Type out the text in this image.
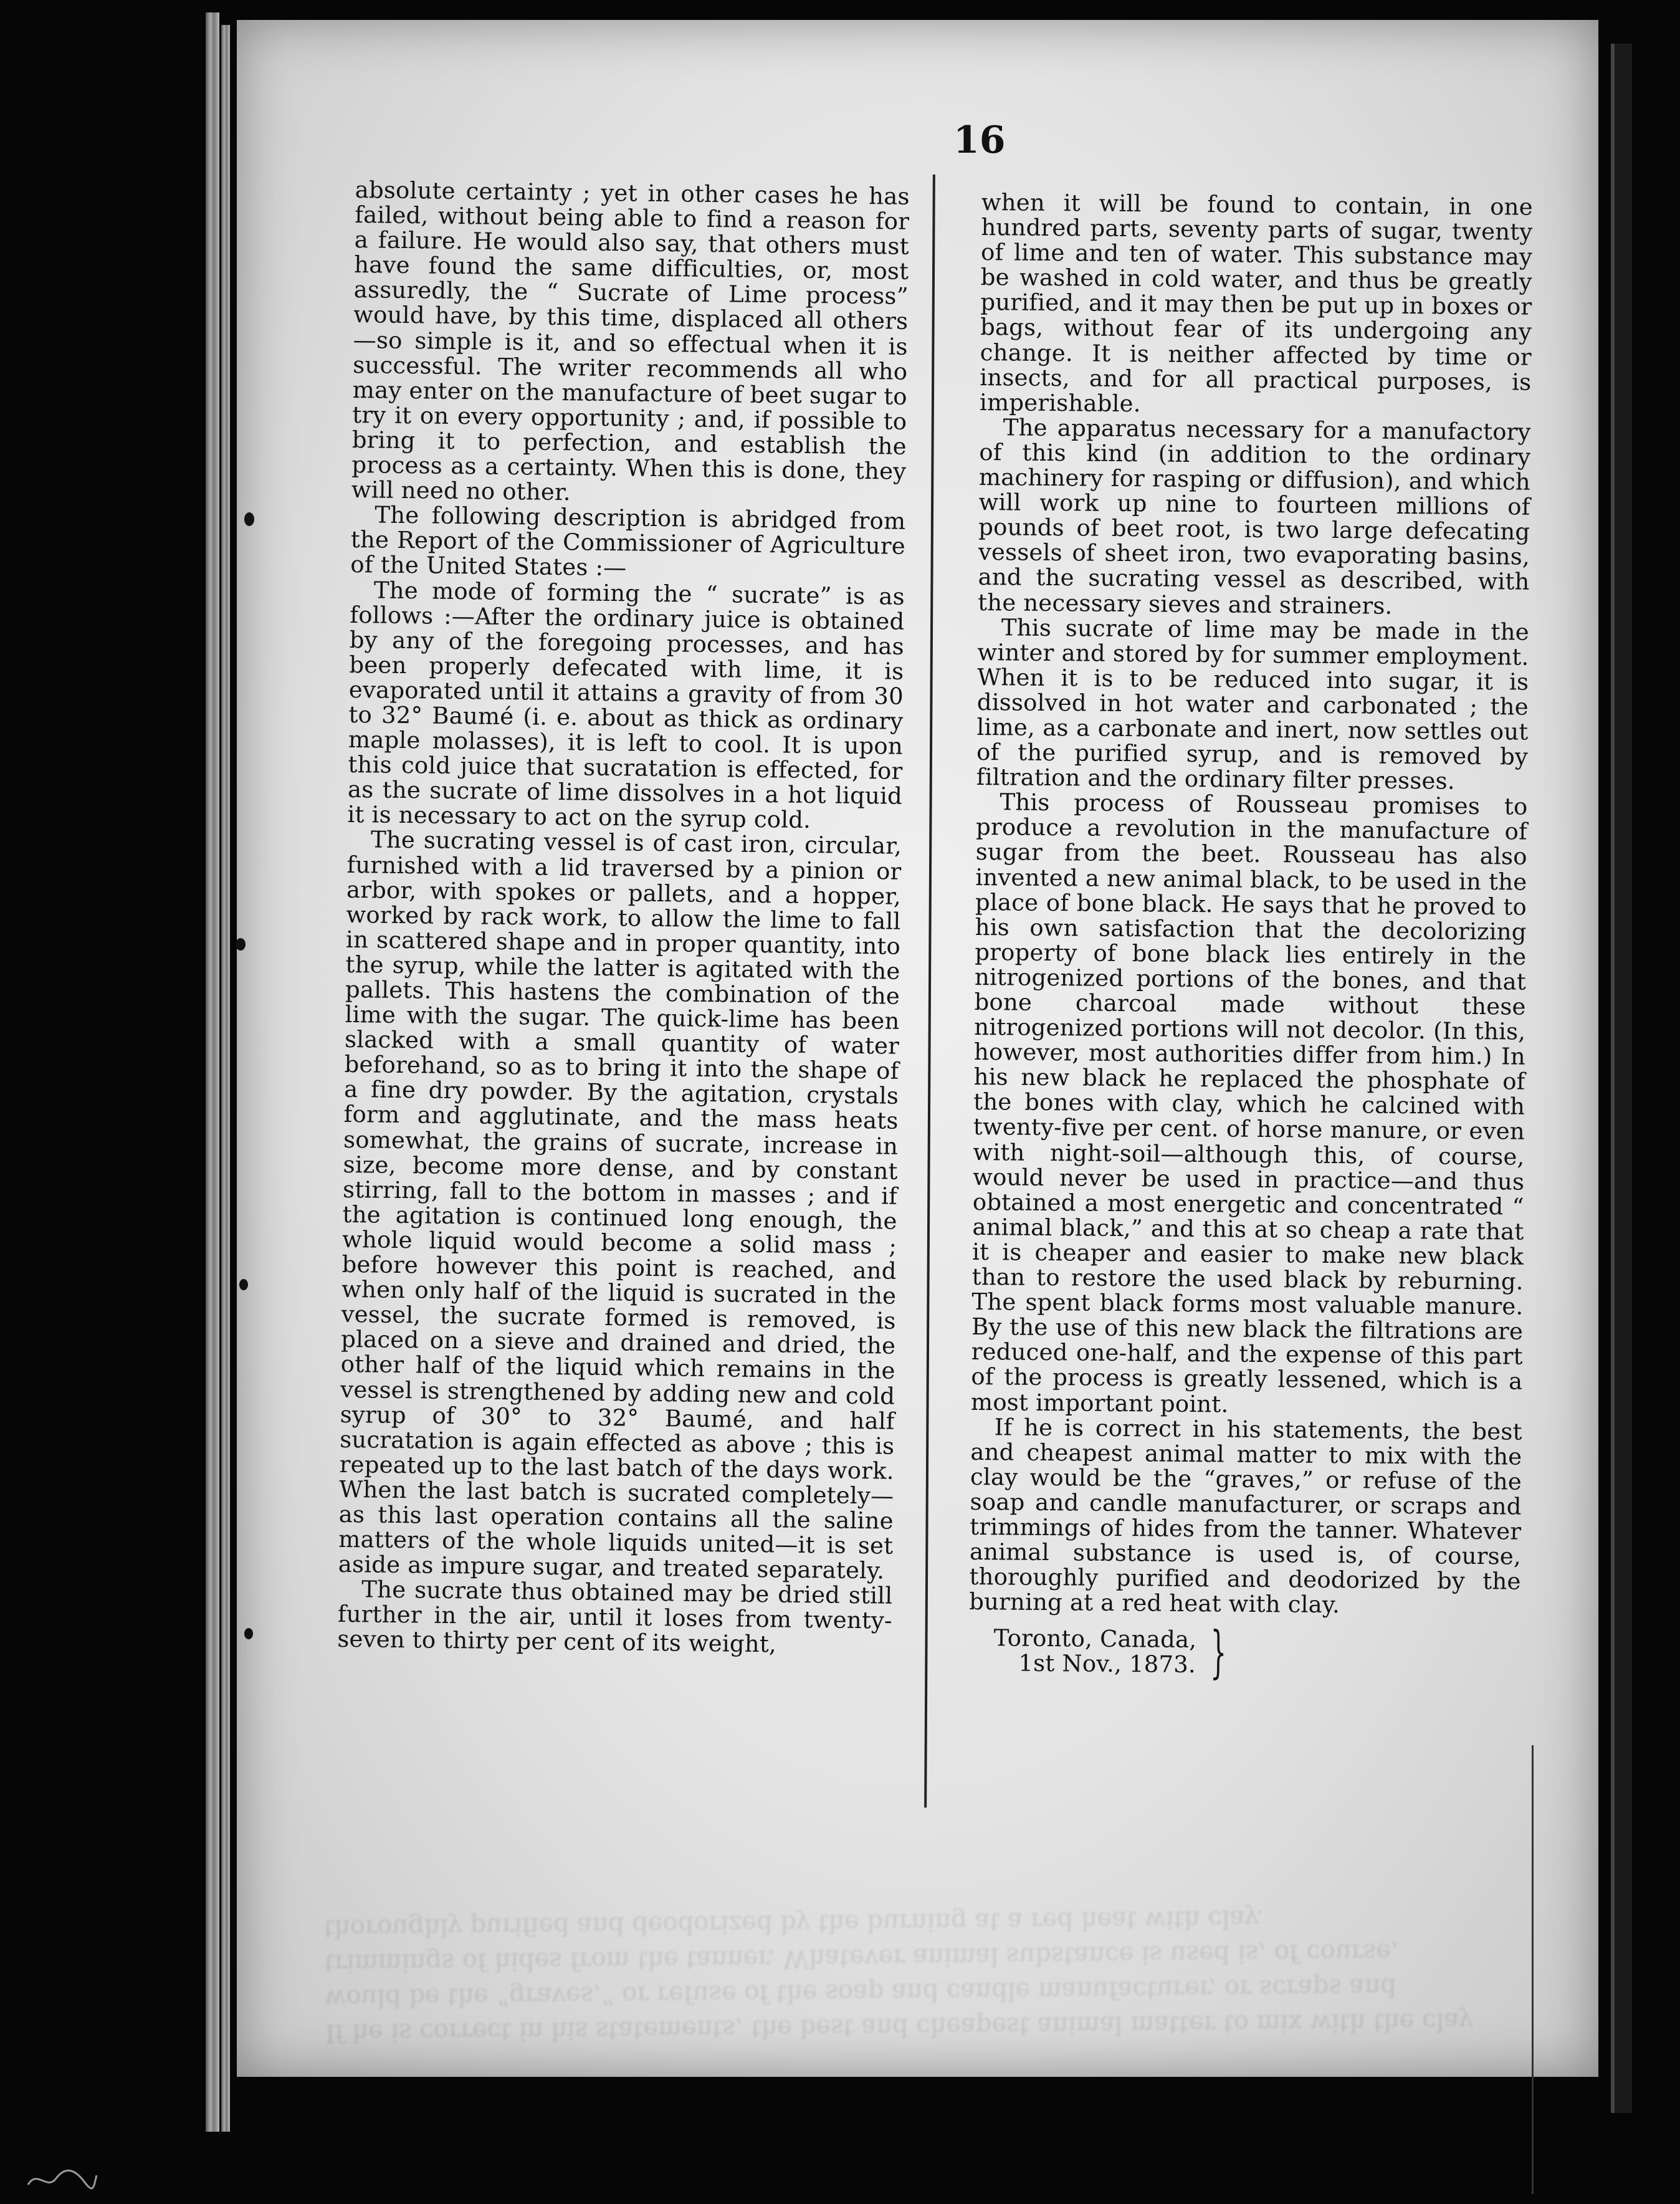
If he is correct in his statements, the best and cheapest animal matter to mix with the clay would be the “graves,” or refuse of the soap and candle manufacturer, or scraps and trimmings of hides from the tanner. Whatever animal substance is used is, of course, thoroughly purified and deodorized by the burning at a red heat with clay.
16

absolute certainty ; yet in other cases he has failed, without being able to find a reason for a failure. He would also say, that others must have found the same difficulties, or, most assuredly, the “ Sucrate of Lime process” would have, by this time, displaced all others—so simple is it, and so effectual when it is successful. The writer recommends all who may enter on the manufacture of beet sugar to try it on every opportunity ; and, if possible to bring it to perfection, and establish the process as a certainty. When this is done, they will need no other.

The following description is abridged from the Report of the Commissioner of Agriculture of the United States :—

The mode of forming the “ sucrate” is as follows :—After the ordinary juice is obtained by any of the foregoing processes, and has been properly defecated with lime, it is evaporated until it attains a gravity of from 30 to 32° Baumé (i. e. about as thick as ordinary maple molasses), it is left to cool. It is upon this cold juice that sucratation is effected, for as the sucrate of lime dissolves in a hot liquid it is necessary to act on the syrup cold.

The sucrating vessel is of cast iron, circular, furnished with a lid traversed by a pinion or arbor, with spokes or pallets, and a hopper, worked by rack work, to allow the lime to fall in scattered shape and in proper quantity, into the syrup, while the latter is agitated with the pallets. This hastens the combination of the lime with the sugar. The quick-lime has been slacked with a small quantity of water beforehand, so as to bring it into the shape of a fine dry powder. By the agitation, crystals form and agglutinate, and the mass heats somewhat, the grains of sucrate, increase in size, become more dense, and by constant stirring, fall to the bottom in masses ; and if the agitation is continued long enough, the whole liquid would become a solid mass ; before however this point is reached, and when only half of the liquid is sucrated in the vessel, the sucrate formed is removed, is placed on a sieve and drained and dried, the other half of the liquid which remains in the vessel is strengthened by adding new and cold syrup of 30° to 32° Baumé, and half sucratation is again effected as above ; this is repeated up to the last batch of the days work. When the last batch is sucrated completely—as this last operation contains all the saline matters of the whole liquids united—it is set aside as impure sugar, and treated separately.

The sucrate thus obtained may be dried still further in the air, until it loses from twenty-seven to thirty per cent of its weight,

when it will be found to contain, in one hundred parts, seventy parts of sugar, twenty of lime and ten of water. This substance may be washed in cold water, and thus be greatly purified, and it may then be put up in boxes or bags, without fear of its undergoing any change. It is neither affected by time or insects, and for all practical purposes, is imperishable.

The apparatus necessary for a manufactory of this kind (in addition to the ordinary machinery for rasping or diffusion), and which will work up nine to fourteen millions of pounds of beet root, is two large defecating vessels of sheet iron, two evaporating basins, and the sucrating vessel as described, with the necessary sieves and strainers.

This sucrate of lime may be made in the winter and stored by for summer employment. When it is to be reduced into sugar, it is dissolved in hot water and carbonated ; the lime, as a carbonate and inert, now settles out of the purified syrup, and is removed by filtration and the ordinary filter presses.

This process of Rousseau promises to produce a revolution in the manufacture of sugar from the beet. Rousseau has also invented a new animal black, to be used in the place of bone black. He says that he proved to his own satisfaction that the decolorizing property of bone black lies entirely in the nitrogenized portions of the bones, and that bone charcoal made without these nitrogenized portions will not decolor. (In this, however, most authorities differ from him.) In his new black he replaced the phosphate of the bones with clay, which he calcined with twenty-five per cent. of horse manure, or even with night-soil—although this, of course, would never be used in practice—and thus obtained a most energetic and concentrated “ animal black,” and this at so cheap a rate that it is cheaper and easier to make new black than to restore the used black by reburning. The spent black forms most valuable manure. By the use of this new black the filtrations are reduced one-half, and the expense of this part of the process is greatly lessened, which is a most important point.

If he is correct in his statements, the best and cheapest animal matter to mix with the clay would be the “graves,” or refuse of the soap and candle manufacturer, or scraps and trimmings of hides from the tanner. Whatever animal substance is used is, of course, thoroughly purified and deodorized by the burning at a red heat with clay.

Toronto, Canada,
1st Nov., 1873. }
